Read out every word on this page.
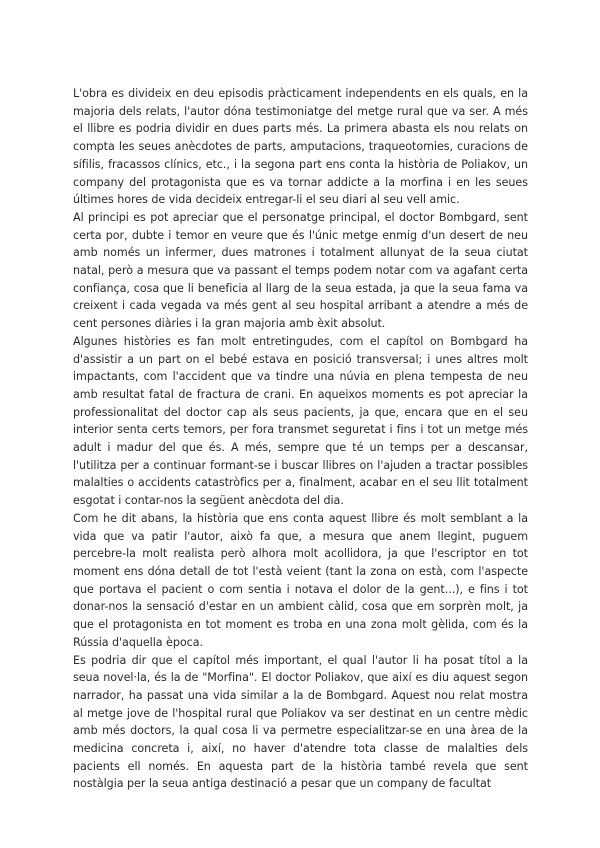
L'obra es divideix en deu episodis pràcticament independents en els quals, en la majoria dels relats, l'autor dóna testimoniatge del metge rural que va ser. A més el llibre es podria dividir en dues parts més. La primera abasta els nou relats on compta les seues anècdotes de parts, amputacions, traqueotomies, curacions de sífilis, fracassos clínics, etc., i la segona part ens conta la història de Poliakov, un company del protagonista que es va tornar addicte a la morfina i en les seues últimes hores de vida decideix entregar-li el seu diari al seu vell amic.

Al principi es pot apreciar que el personatge principal, el doctor Bombgard, sent certa por, dubte i temor en veure que és l'únic metge enmig d'un desert de neu amb només un infermer, dues matrones i totalment allunyat de la seua ciutat natal, però a mesura que va passant el temps podem notar com va agafant certa confiança, cosa que li beneficia al llarg de la seua estada, ja que la seua fama va creixent i cada vegada va més gent al seu hospital arribant a atendre a més de cent persones diàries i la gran majoria amb èxit absolut.

Algunes històries es fan molt entretingudes, com el capítol on Bombgard ha d'assistir a un part on el bebé estava en posició transversal; i unes altres molt impactants, com l'accident que va tindre una núvia en plena tempesta de neu amb resultat fatal de fractura de crani. En aqueixos moments es pot apreciar la professionalitat del doctor cap als seus pacients, ja que, encara que en el seu interior senta certs temors, per fora transmet seguretat i fins i tot un metge més adult i madur del que és. A més, sempre que té un temps per a descansar, l'utilitza per a continuar formant-se i buscar llibres on l'ajuden a tractar possibles malalties o accidents catastròfics per a, finalment, acabar en el seu llit totalment esgotat i contar-nos la següent anècdota del dia.

Com he dit abans, la història que ens conta aquest llibre és molt semblant a la vida que va patir l'autor, això fa que, a mesura que anem llegint, puguem percebre-la molt realista però alhora molt acollidora, ja que l'escriptor en tot moment ens dóna detall de tot l'està veient (tant la zona on està, com l'aspecte que portava el pacient o com sentia i notava el dolor de la gent...), e fins i tot donar-nos la sensació d'estar en un ambient càlid, cosa que em sorprèn molt, ja que el protagonista en tot moment es troba en una zona molt gèlida, com és la Rússia d'aquella època.

Es podria dir que el capítol més important, el qual l'autor li ha posat títol a la seua novel·la, és la de "Morfina". El doctor Poliakov, que així es diu aquest segon narrador, ha passat una vida similar a la de Bombgard. Aquest nou relat mostra al metge jove de l'hospital rural que Poliakov va ser destinat en un centre mèdic amb més doctors, la qual cosa li va permetre especialitzar-se en una àrea de la medicina concreta i, així, no haver d'atendre tota classe de malalties dels pacients ell només. En aquesta part de la història també revela que sent nostàlgia per la seua antiga destinació a pesar que un company de facultat
